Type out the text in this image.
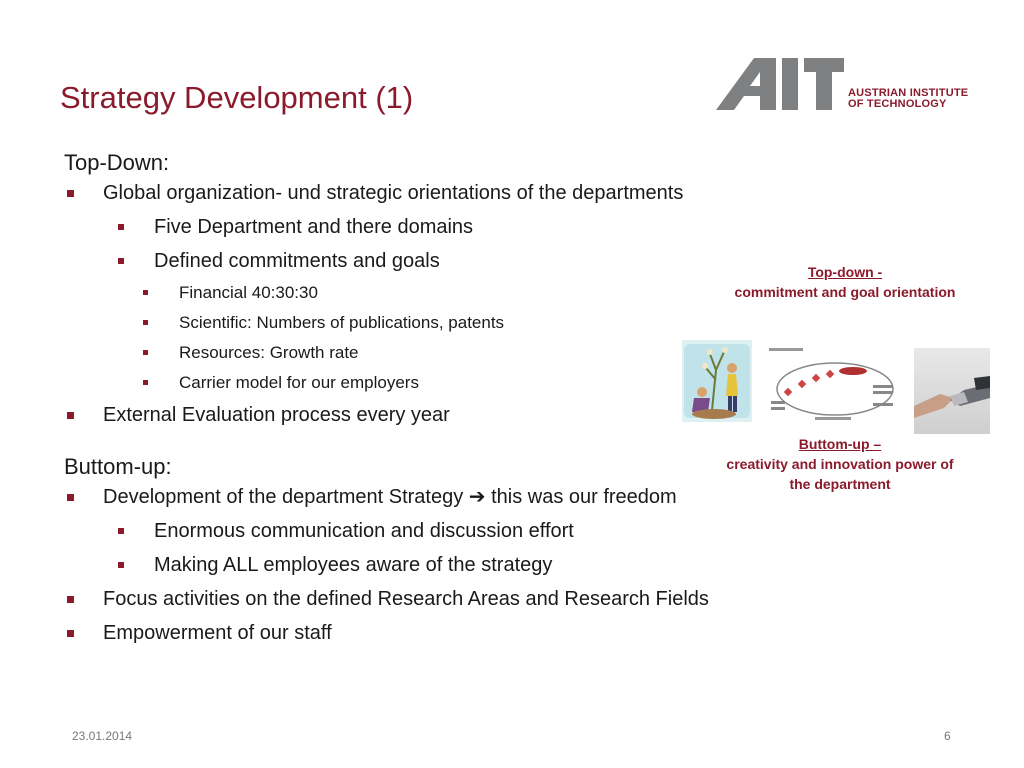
Strategy Development (1)	AUSTRIAN INSTITUTE
OF TECHNOLOGY

Top-Down:

Global organization- und strategic orientations of the departments
Five Department and there domains
Defined commitments and goals
Financial 40:30:30
Scientific: Numbers of publications, patents
Resources: Growth rate
Carrier model for our employers
External Evaluation process every year

Buttom-up:

Development of the department Strategy ➔ this was our freedom
Enormous communication and discussion effort
Making ALL employees aware of the strategy
Focus activities on the defined Research Areas and Research Fields
Empowerment of our staff
Top-down -
commitment and goal orientation
Buttom-up –
creativity and innovation power of
the department
23.01.2014	6
